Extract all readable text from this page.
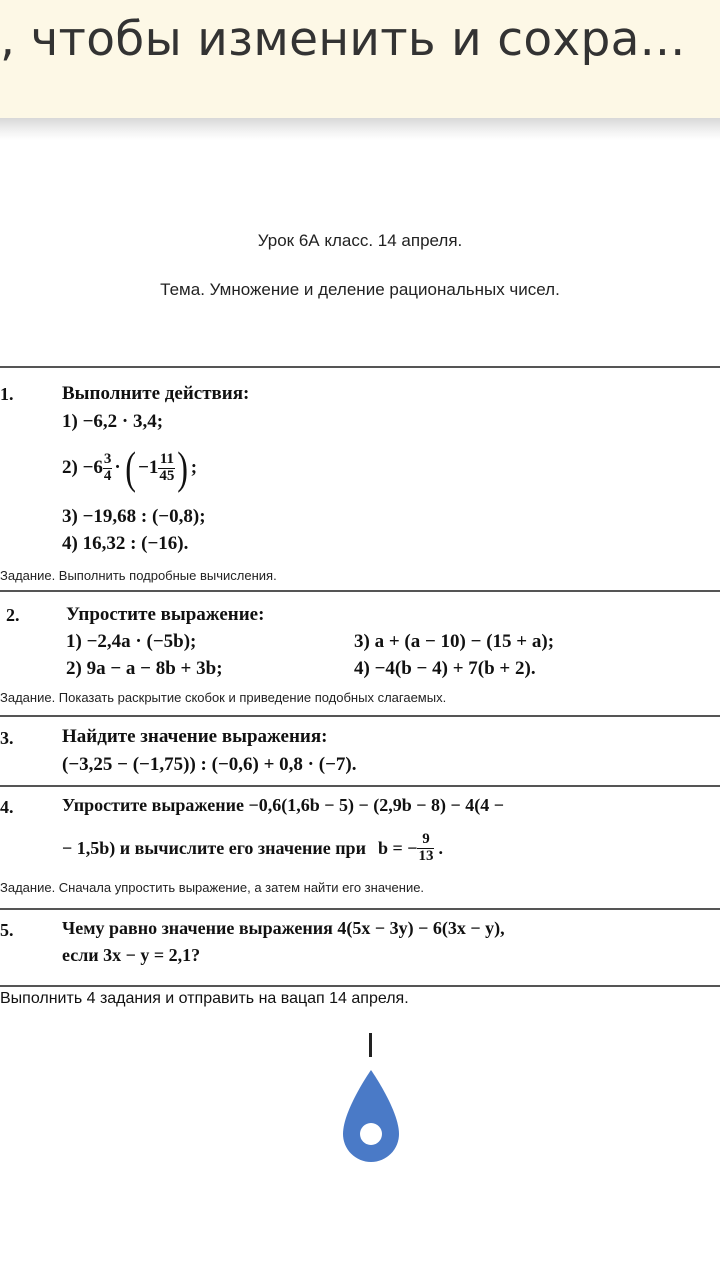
, чтобы изменить и сохра...
Урок 6А класс. 14 апреля.
Тема. Умножение и деление рациональных чисел.
1.	Выполните действия:
1) −6,2 · 3,4;
$2) -6 \frac{3}{4}$ · ( $-1 \frac{11}{45}$ ) ;
3) −19,68 : (−0,8);
4) 16,32 : (−16).
Задание. Выполнить подробные вычисления.
2. Упростите выражение:
1) −2,4a · (−5b);	3) a + (a − 10) − (15 + a);
2) 9a − a − 8b + 3b;	4) −4(b − 4) + 7(b + 2).
Задание. Показать раскрытие скобок и приведение подобных слагаемых.
3.	Найдите значение выражения:
(−3,25 − (−1,75)) : (−0,6) + 0,8 · (−7).
4.	Упростите выражение −0,6(1,6b − 5) − (2,9b − 8) − 4(4 −
− 1,5b) и вычислите его значение при b = − $\frac{9}{13}$ .
Задание. Сначала упростить выражение, а затем найти его значение.
5.	Чему равно значение выражения 4(5x − 3y) − 6(3x − y),
если 3x − y = 2,1?
Выполнить 4 задания и отправить на вацап 14 апреля.
